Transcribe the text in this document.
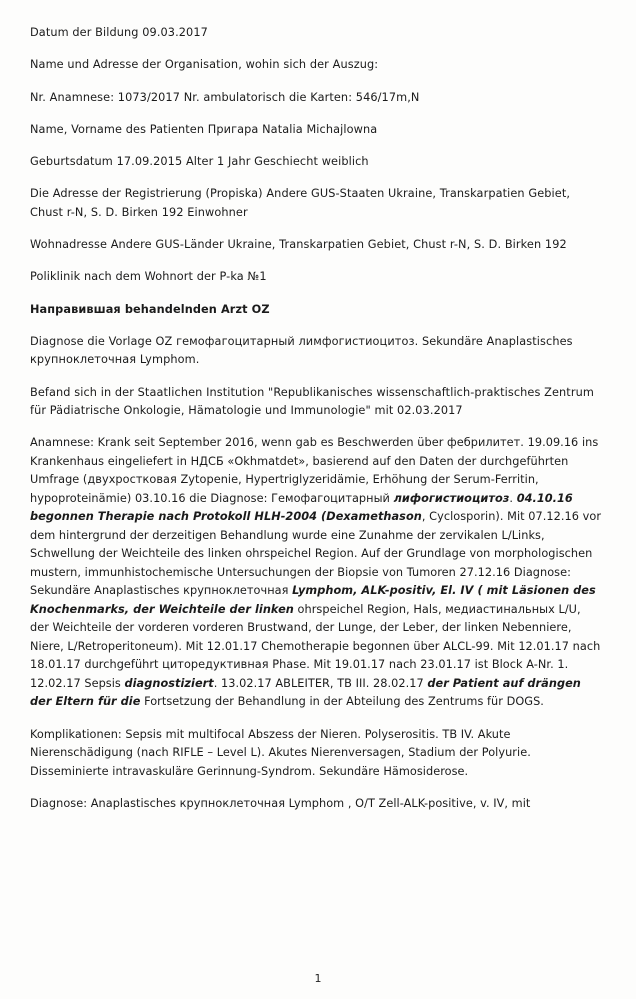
Datum der Bildung 09.03.2017

Name und Adresse der Organisation, wohin sich der Auszug:

Nr. Anamnese: 1073/2017 Nr. ambulatorisch die Karten: 546/17m,N

Name, Vorname des Patienten Пригарa Natalia Michajlowna

Geburtsdatum 17.09.2015 Alter 1 Jahr Geschiecht weiblich

Die Adresse der Registrierung (Propiska) Andere GUS-Staaten Ukraine, Transkarpatien Gebiet, Chust r-N, S. D. Birken 192 Einwohner

Wohnadresse Andere GUS-Länder Ukraine, Transkarpatien Gebiet, Chust r-N, S. D. Birken 192

Poliklinik nach dem Wohnort der P-ka №1

Направившая behandelnden Arzt OZ

Diagnose die Vorlage OZ гемофагоцитарный лимфогистиоцитоз. Sekundäre Anaplastisches крупноклеточная Lymphom.

Befand sich in der Staatlichen Institution "Republikanisches wissenschaftlich-praktisches Zentrum für Pädiatrische Onkologie, Hämatologie und Immunologie" mit 02.03.2017

Anamnese: Krank seit September 2016, wenn gab es Beschwerden über фебрилитет. 19.09.16 ins Krankenhaus eingeliefert in НДСБ «Okhmatdet», basierend auf den Daten der durchgeführten Umfrage (двухростковая Zytopenie, Hypertriglyzeridämie, Erhöhung der Serum-Ferritin, hypoproteinämie) 03.10.16 die Diagnose: Гемофагоцитарный лифогистиоцитоз. 04.10.16 begonnen Therapie nach Protokoll HLH-2004 (Dexamethason, Cyclosporin). Mit 07.12.16 vor dem hintergrund der derzeitigen Behandlung wurde eine Zunahme der zervikalen L/Links, Schwellung der Weichteile des linken ohrspeichel Region. Auf der Grundlage von morphologischen mustern, immunhistochemische Untersuchungen der Biopsie von Tumoren 27.12.16 Diagnose: Sekundäre Anaplastisches крупноклеточная Lymphom, ALK-positiv, El. IV ( mit Läsionen des Knochenmarks, der Weichteile der linken ohrspeichel Region, Hals, медиастинальных L/U, der Weichteile der vorderen vorderen Brustwand, der Lunge, der Leber, der linken Nebenniere, Niere, L/Retroperitoneum). Mit 12.01.17 Chemotherapie begonnen über ALCL-99. Mit 12.01.17 nach 18.01.17 durchgeführt циторедуктивная Phase. Mit 19.01.17 nach 23.01.17 ist Block A-Nr. 1. 12.02.17 Sepsis diagnostiziert. 13.02.17 ABLEITER, TB III. 28.02.17 der Patient auf drängen der Eltern für die Fortsetzung der Behandlung in der Abteilung des Zentrums für DOGS.
Komplikationen: Sepsis mit multifocal Abszess der Nieren. Polyserositis. TB IV. Akute Nierenschädigung (nach RIFLE – Level L). Akutes Nierenversagen, Stadium der Polyurie. Disseminierte intravaskuläre Gerinnung-Syndrom. Sekundäre Hämosiderose.
Diagnose: Anaplastisches крупноклеточная Lymphom , O/T Zell-ALK-positive, v. IV, mit
1
